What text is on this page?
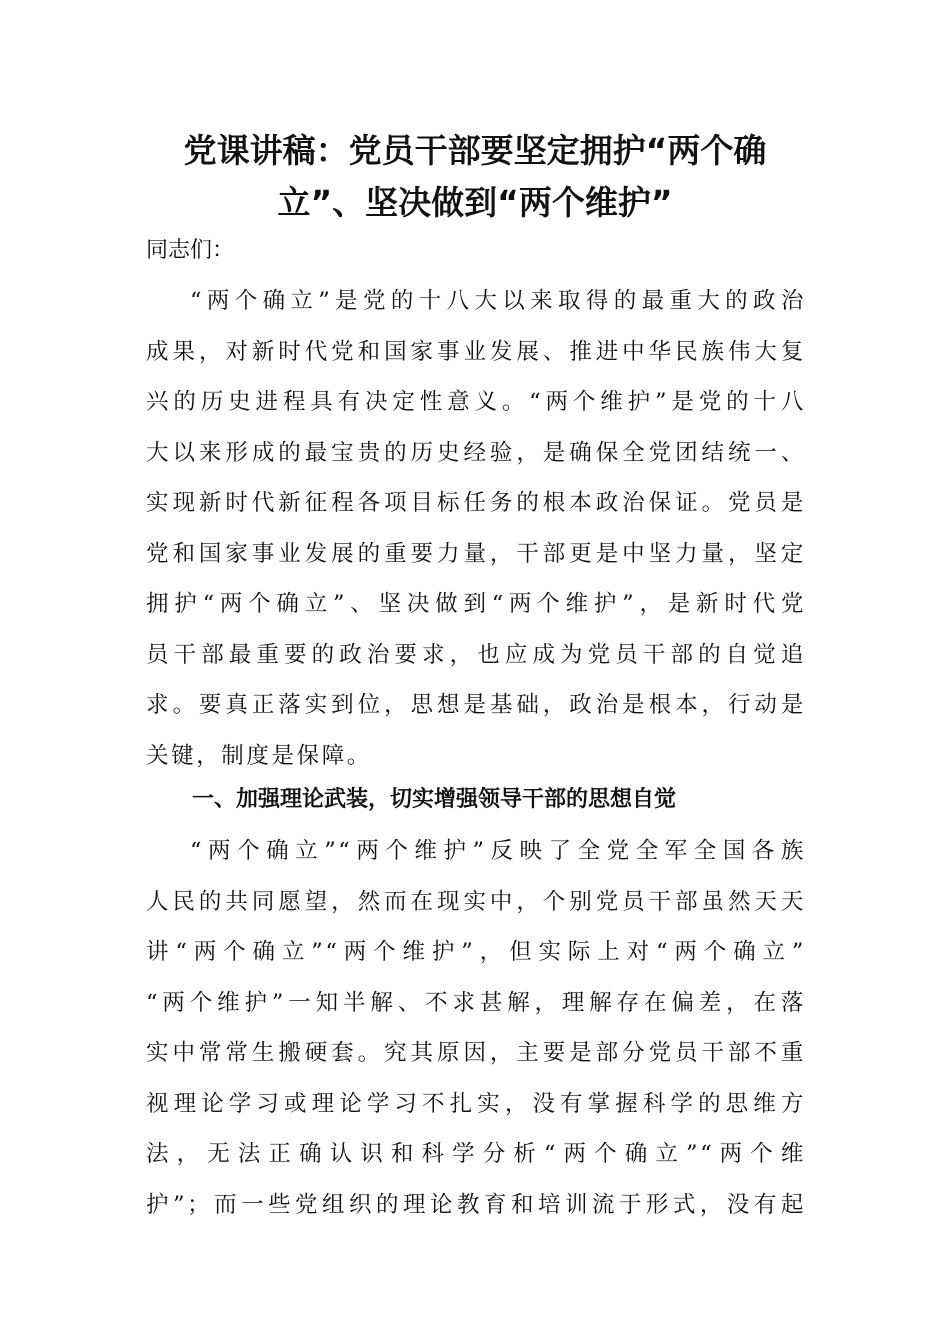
党课讲稿：党员干部要坚定拥护“两个确
立”、坚决做到“两个维护”
同志们：
“两个确立”是党的十八大以来取得的最重大的政治
成果，对新时代党和国家事业发展、推进中华民族伟大复
兴的历史进程具有决定性意义。“两个维护”是党的十八
大以来形成的最宝贵的历史经验，是确保全党团结统一、
实现新时代新征程各项目标任务的根本政治保证。党员是
党和国家事业发展的重要力量，干部更是中坚力量，坚定
拥护“两个确立”、坚决做到“两个维护”，是新时代党
员干部最重要的政治要求，也应成为党员干部的自觉追
求。要真正落实到位，思想是基础，政治是根本，行动是
关键，制度是保障。
一、加强理论武装，切实增强领导干部的思想自觉
“两个确立”“两个维护”反映了全党全军全国各族
人民的共同愿望，然而在现实中，个别党员干部虽然天天
讲“两个确立”“两个维护”，但实际上对“两个确立”
“两个维护”一知半解、不求甚解，理解存在偏差，在落
实中常常生搬硬套。究其原因，主要是部分党员干部不重
视理论学习或理论学习不扎实，没有掌握科学的思维方
法，无法正确认识和科学分析“两个确立”“两个维
护”；而一些党组织的理论教育和培训流于形式，没有起
